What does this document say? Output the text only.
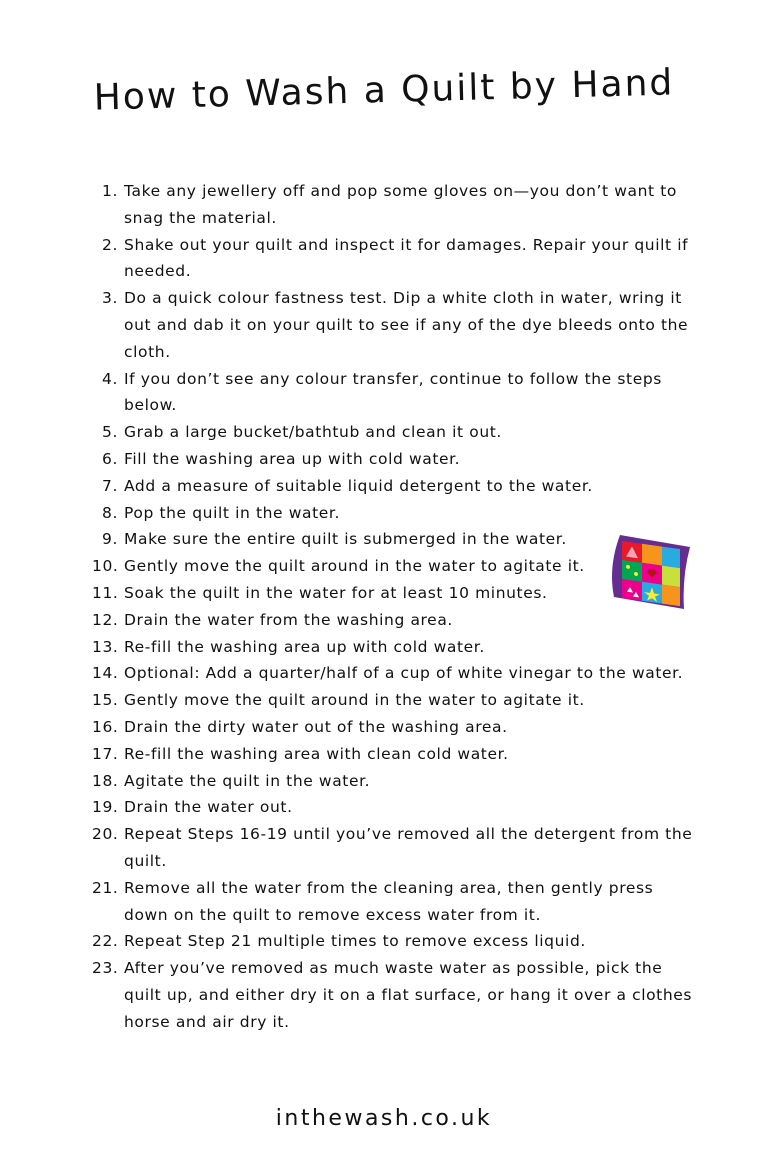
How to Wash a Quilt by Hand
1. Take any jewellery off and pop some gloves on—you don’t want to snag the material.
2. Shake out your quilt and inspect it for damages. Repair your quilt if needed.
3. Do a quick colour fastness test. Dip a white cloth in water, wring it out and dab it on your quilt to see if any of the dye bleeds onto the cloth.
4. If you don’t see any colour transfer, continue to follow the steps below.
5. Grab a large bucket/bathtub and clean it out.
6. Fill the washing area up with cold water.
7. Add a measure of suitable liquid detergent to the water.
8. Pop the quilt in the water.
9. Make sure the entire quilt is submerged in the water.
10. Gently move the quilt around in the water to agitate it.
11. Soak the quilt in the water for at least 10 minutes.
12. Drain the water from the washing area.
13. Re-fill the washing area up with cold water.
14. Optional: Add a quarter/half of a cup of white vinegar to the water.
15. Gently move the quilt around in the water to agitate it.
16. Drain the dirty water out of the washing area.
17. Re-fill the washing area with clean cold water.
18. Agitate the quilt in the water.
19. Drain the water out.
20. Repeat Steps 16-19 until you’ve removed all the detergent from the quilt.
21. Remove all the water from the cleaning area, then gently press down on the quilt to remove excess water from it.
22. Repeat Step 21 multiple times to remove excess liquid.
23. After you’ve removed as much waste water as possible, pick the quilt up, and either dry it on a flat surface, or hang it over a clothes horse and air dry it.
inthewash.co.uk
